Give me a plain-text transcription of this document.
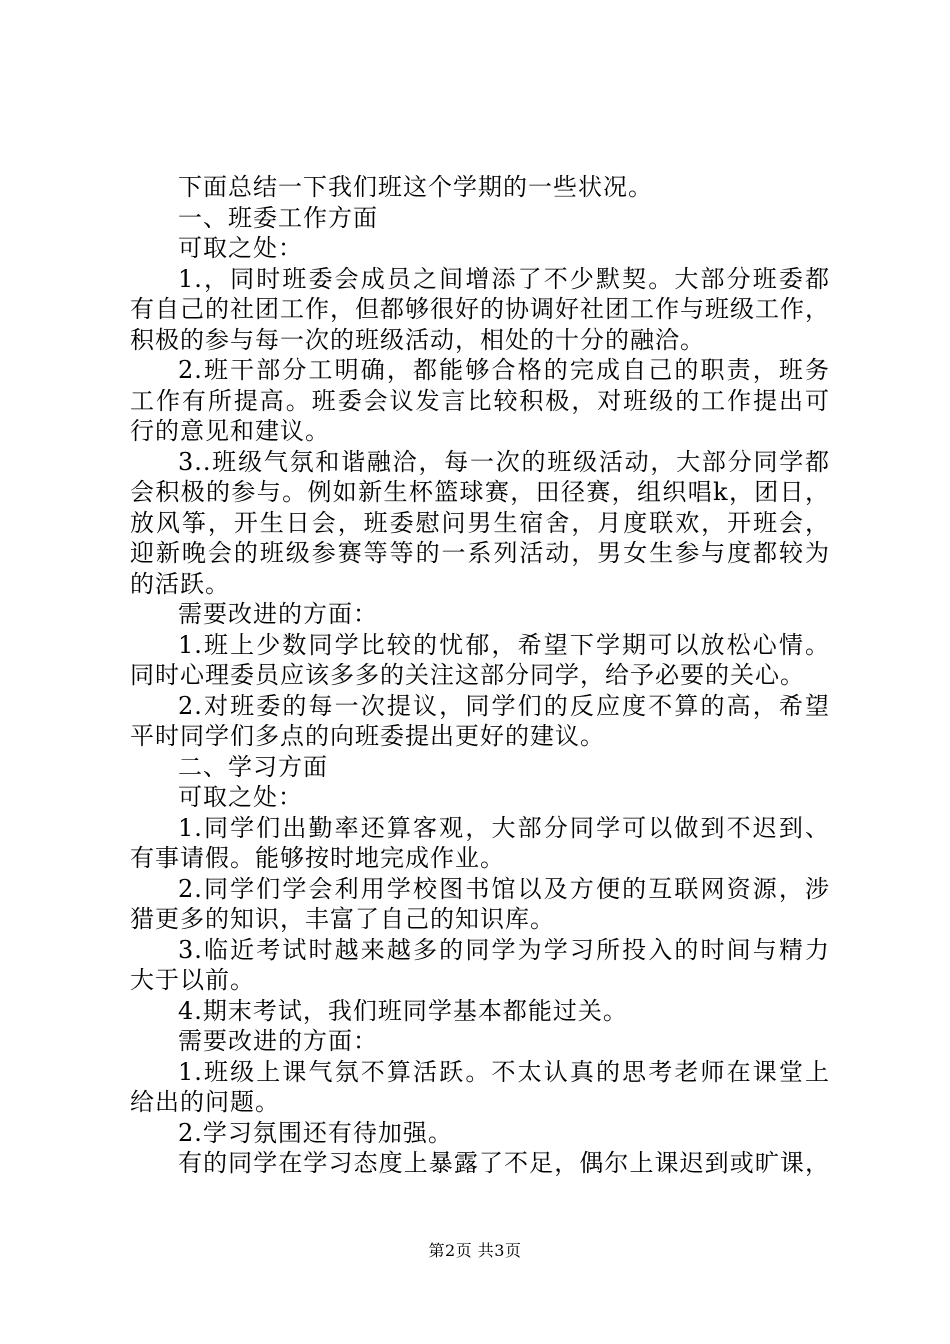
下面总结一下我们班这个学期的一些状况。
一、班委工作方面
可取之处：
1.，同时班委会成员之间增添了不少默契。大部分班委都
有自己的社团工作，但都够很好的协调好社团工作与班级工作，
积极的参与每一次的班级活动，相处的十分的融洽。
2.班干部分工明确，都能够合格的完成自己的职责，班务
工作有所提高。班委会议发言比较积极，对班级的工作提出可
行的意见和建议。
3..班级气氛和谐融洽，每一次的班级活动，大部分同学都
会积极的参与。例如新生杯篮球赛，田径赛，组织唱k，团日，
放风筝，开生日会，班委慰问男生宿舍，月度联欢，开班会，
迎新晚会的班级参赛等等的一系列活动，男女生参与度都较为
的活跃。
需要改进的方面：
1.班上少数同学比较的忧郁，希望下学期可以放松心情。
同时心理委员应该多多的关注这部分同学，给予必要的关心。
2.对班委的每一次提议，同学们的反应度不算的高，希望
平时同学们多点的向班委提出更好的建议。
二、学习方面
可取之处：
1.同学们出勤率还算客观，大部分同学可以做到不迟到、
有事请假。能够按时地完成作业。
2.同学们学会利用学校图书馆以及方便的互联网资源，涉
猎更多的知识，丰富了自己的知识库。
3.临近考试时越来越多的同学为学习所投入的时间与精力
大于以前。
4.期末考试，我们班同学基本都能过关。
需要改进的方面：
1.班级上课气氛不算活跃。不太认真的思考老师在课堂上
给出的问题。
2.学习氛围还有待加强。
有的同学在学习态度上暴露了不足，偶尔上课迟到或旷课，
第2页 共3页
